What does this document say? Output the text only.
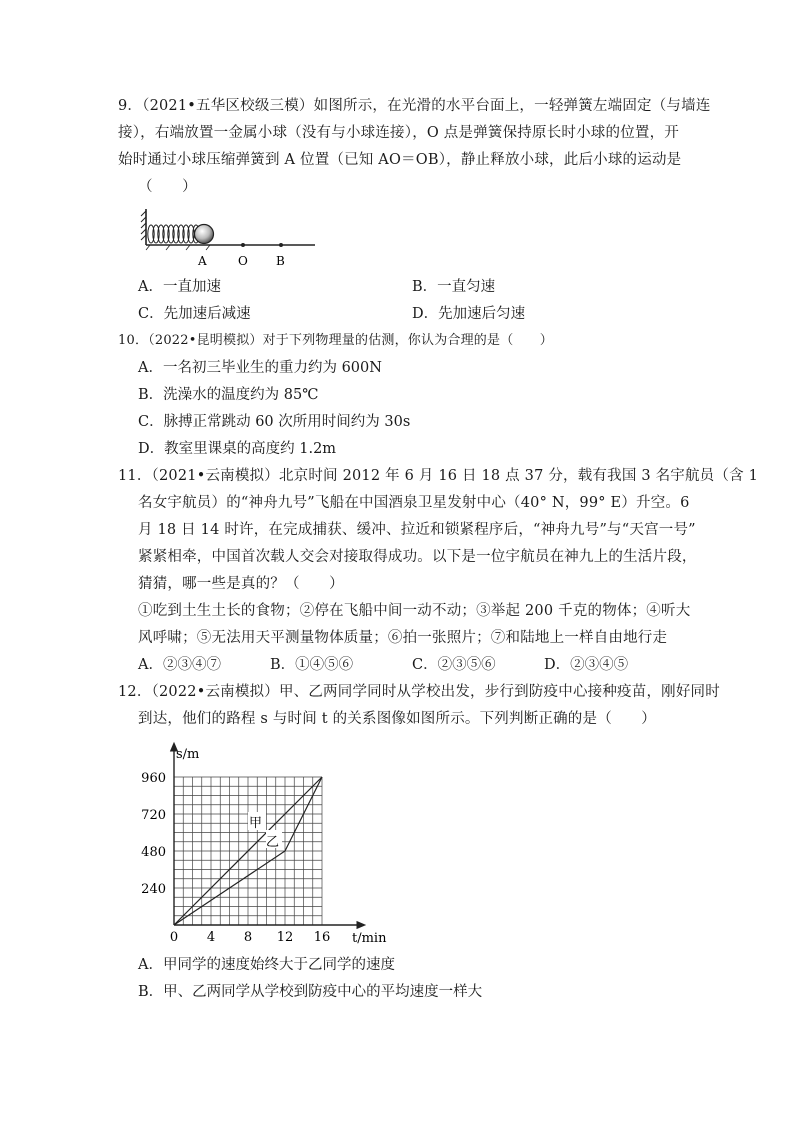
9．（2021•五华区校级三模）如图所示，在光滑的水平台面上，一轻弹簧左端固定（与墙连
接），右端放置一金属小球（没有与小球连接），O 点是弹簧保持原长时小球的位置，开
始时通过小球压缩弹簧到 A 位置（已知 AO＝OB），静止释放小球，此后小球的运动是
（　　）
A	O B
A．一直加速	B．一直匀速
C．先加速后减速	D．先加速后匀速
10．（2022•昆明模拟）对于下列物理量的估测，你认为合理的是（　　）
A．一名初三毕业生的重力约为 600N
B．洗澡水的温度约为 85℃
C．脉搏正常跳动 60 次所用时间约为 30s
D．教室里课桌的高度约 1.2m
11．（2021•云南模拟）北京时间 2012 年 6 月 16 日 18 点 37 分，载有我国 3 名宇航员（含 1
名女宇航员）的“神舟九号”飞船在中国酒泉卫星发射中心（40° N，99° E）升空。6
月 18 日 14 时许，在完成捕获、缓冲、拉近和锁紧程序后，“神舟九号”与“天宫一号”
紧紧相牵，中国首次载人交会对接取得成功。以下是一位宇航员在神九上的生活片段，
猜猜，哪一些是真的？（　　）
①吃到土生土长的食物；②停在飞船中间一动不动；③举起 200 千克的物体；④听大
风呼啸；⑤无法用天平测量物体质量；⑥拍一张照片；⑦和陆地上一样自由地行走
A．②③④⑦	B．①④⑤⑥	C．②③⑤⑥	D．②③④⑤
12．（2022•云南模拟）甲、乙两同学同时从学校出发，步行到防疫中心接种疫苗，刚好同时
到达，他们的路程 s 与时间 t 的关系图像如图所示。下列判断正确的是（　　）
s/m
t/min
0 4 8 12 16
240
480
720
960
甲
乙
A．甲同学的速度始终大于乙同学的速度
B．甲、乙两同学从学校到防疫中心的平均速度一样大
